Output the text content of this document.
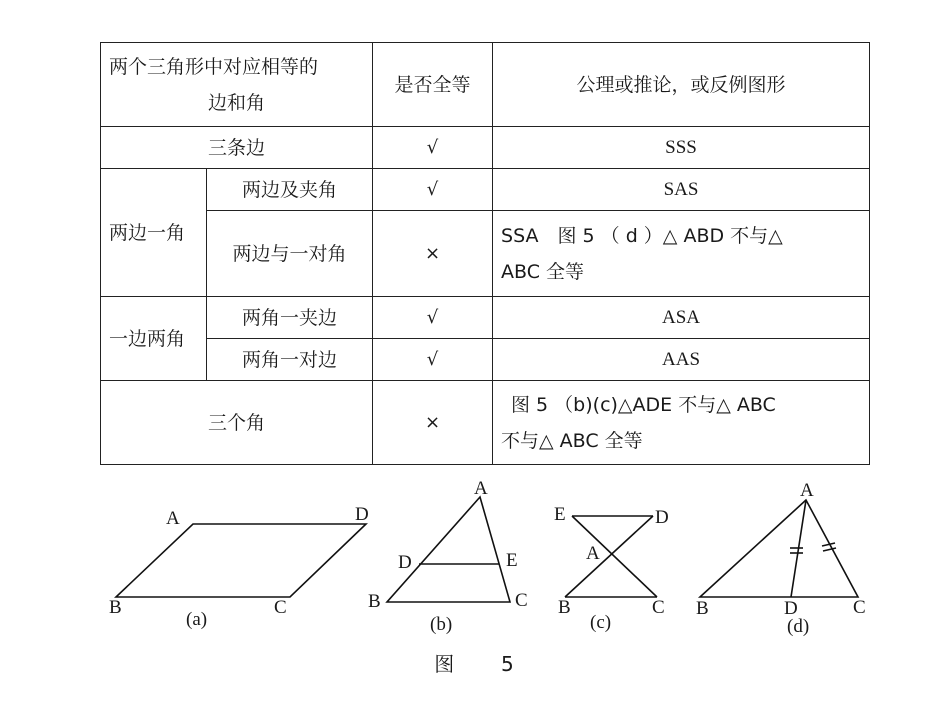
两个三角形中对应相等的
边和角		是否全等	公理或推论，或反例图形
三条边		√	SSS
两边一角	两边及夹角	√	SAS
	两边与一对角	×	SSA　图 5 （ d ）△ ABD 不与△
ABC 全等

一边两角	两角一夹边	√	ASA
	两角一对边	√	AAS
三个角		×	图 5 （b)(c)△ADE 不与△ ABC
不与△ ABC 全等
A	D
B	C
(a)
A
D	E
B	C
(b)
E	D
A
B	C
(c)
A
B	D	C
(d)
图 5
